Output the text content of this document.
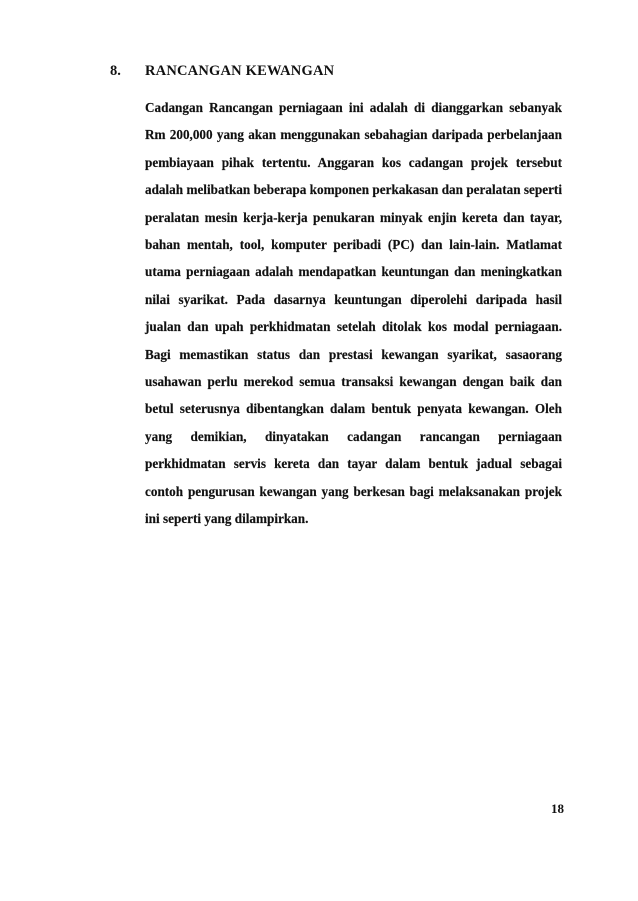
8. RANCANGAN KEWANGAN

Cadangan Rancangan perniagaan ini adalah di dianggarkan sebanyak Rm 200,000 yang akan menggunakan sebahagian daripada perbelanjaan pembiayaan pihak tertentu. Anggaran kos cadangan projek tersebut adalah melibatkan beberapa komponen perkakasan dan peralatan seperti peralatan mesin kerja-kerja penukaran minyak enjin kereta dan tayar, bahan mentah, tool, komputer peribadi (PC) dan lain-lain. Matlamat utama perniagaan adalah mendapatkan keuntungan dan meningkatkan nilai syarikat. Pada dasarnya keuntungan diperolehi daripada hasil jualan dan upah perkhidmatan setelah ditolak kos modal perniagaan. Bagi memastikan status dan prestasi kewangan syarikat, sasaorang usahawan perlu merekod semua transaksi kewangan dengan baik dan betul seterusnya dibentangkan dalam bentuk penyata kewangan. Oleh yang demikian, dinyatakan cadangan rancangan perniagaan perkhidmatan servis kereta dan tayar dalam bentuk jadual sebagai contoh pengurusan kewangan yang berkesan bagi melaksanakan projek ini seperti yang dilampirkan.

18
